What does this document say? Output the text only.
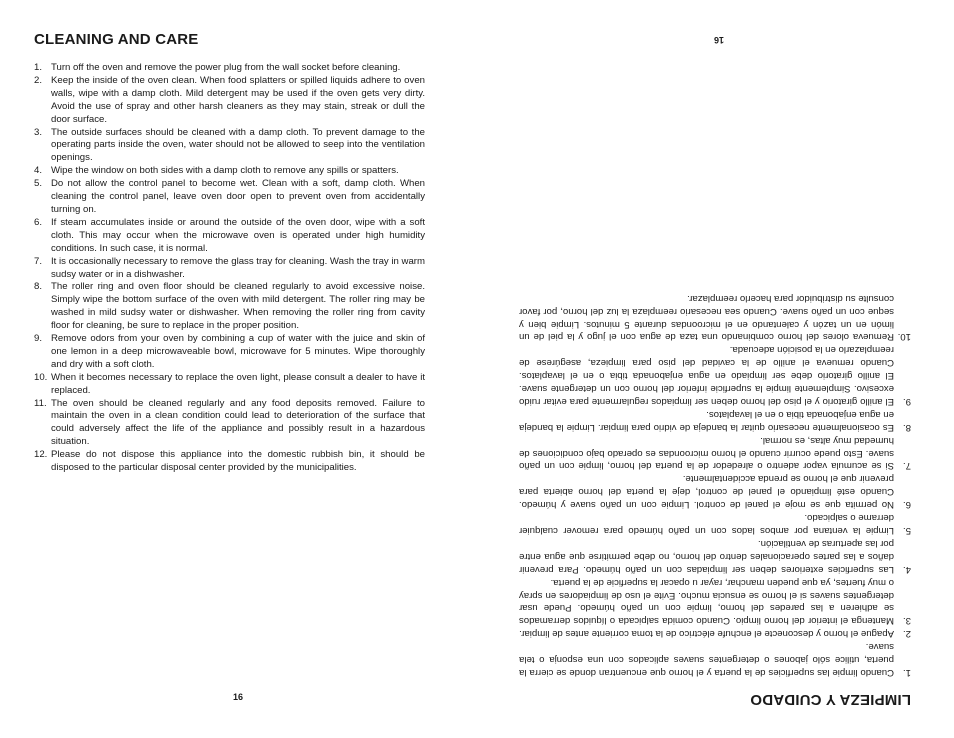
CLEANING AND CARE
1. Turn off the oven and remove the power plug from the wall socket before cleaning.
2. Keep the inside of the oven clean. When food splatters or spilled liquids adhere to oven walls, wipe with a damp cloth. Mild detergent may be used if the oven gets very dirty. Avoid the use of spray and other harsh cleaners as they may stain, streak or dull the door surface.
3. The outside surfaces should be cleaned with a damp cloth. To prevent damage to the operating parts inside the oven, water should not be allowed to seep into the ventilation openings.
4. Wipe the window on both sides with a damp cloth to remove any spills or spatters.
5. Do not allow the control panel to become wet. Clean with a soft, damp cloth. When cleaning the control panel, leave oven door open to prevent oven from accidentally turning on.
6. If steam accumulates inside or around the outside of the oven door, wipe with a soft cloth. This may occur when the microwave oven is operated under high humidity conditions. In such case, it is normal.
7. It is occasionally necessary to remove the glass tray for cleaning. Wash the tray in warm sudsy water or in a dishwasher.
8. The roller ring and oven floor should be cleaned regularly to avoid excessive noise. Simply wipe the bottom surface of the oven with mild detergent. The roller ring may be washed in mild sudsy water or dishwasher. When removing the roller ring from cavity floor for cleaning, be sure to replace in the proper position.
9. Remove odors from your oven by combining a cup of water with the juice and skin of one lemon in a deep microwaveable bowl, microwave for 5 minutes. Wipe thoroughly and dry with a soft cloth.
10. When it becomes necessary to replace the oven light, please consult a dealer to have it replaced.
11. The oven should be cleaned regularly and any food deposits removed. Failure to maintain the oven in a clean condition could lead to deterioration of the surface that could adversely affect the life of the appliance and possibly result in a hazardous situation.
12. Please do not dispose this appliance into the domestic rubbish bin, it should be disposed to the particular disposal center provided by the municipalities.
16	LIMPIEZA Y CUIDADO
1.
Cuando limpie las superficies de la puerta y el horno que encuentran donde se cierra la puerta, utilice sólo jabones o detergentes suaves aplicados con una esponja o tela suave.
2.
Apague el horno y desconecte el enchufe eléctrico de la toma corriente antes de limpiar.
3.
Mantenga el interior del horno limpio. Cuando comida salpicada o líquidos derramados se adhieren a las paredes del horno, limpie con un paño húmedo. Puede usar detergentes suaves si el horno se ensucia mucho. Evite el uso de limpiadores en spray o muy fuertes, ya que pueden manchar, rayar u opacar la superficie de la puerta.
4.
Las superficies exteriores deben ser limpiadas con un paño húmedo. Para prevenir daños a las partes operacionales dentro del horno, no debe permitirse que agua entre por las aperturas de ventilación.
5.
Limpie la ventana por ambos lados con un paño húmedo para remover cualquier derrame o salpicado.
6.
No permita que se moje el panel de control. Limpie con un paño suave y húmedo. Cuando esté limpiando el panel de control, deje la puerta del horno abierta para prevenir que el horno se prenda accidentalmente.
7.
Si se acumula vapor adentro o alrededor de la puerta del horno, limpie con un paño suave. Esto puede ocurrir cuando el horno microondas es operado bajo condiciones de humedad muy altas, es normal.
8.
Es ocasionalmente necesario quitar la bandeja de vidrio para limpiar. Limpie la bandeja en agua enjabonada tibia o en el lavaplatos.
9.
El anillo giratorio y el piso del horno deben ser limpiados regularmente para evitar ruido excesivo. Simplemente limpie la superficie inferior del horno con un detergente suave. El anillo giratorio debe ser limpiado en agua enjabonada tibia o en el lavaplatos. Cuando remueva el anillo de la cavidad del piso para limpieza, asegúrese de reemplazarlo en la posición adecuada.
10.
Remueva olores del horno combinando una taza de agua con el jugo y la piel de un limón en un tazón y calentando en el microondas durante 5 minutos. Limpie bien y seque con un paño suave. Cuando sea necesario reemplaza la luz del horno, por favor consulte su distribuidor para hacerlo reemplazar.
16
